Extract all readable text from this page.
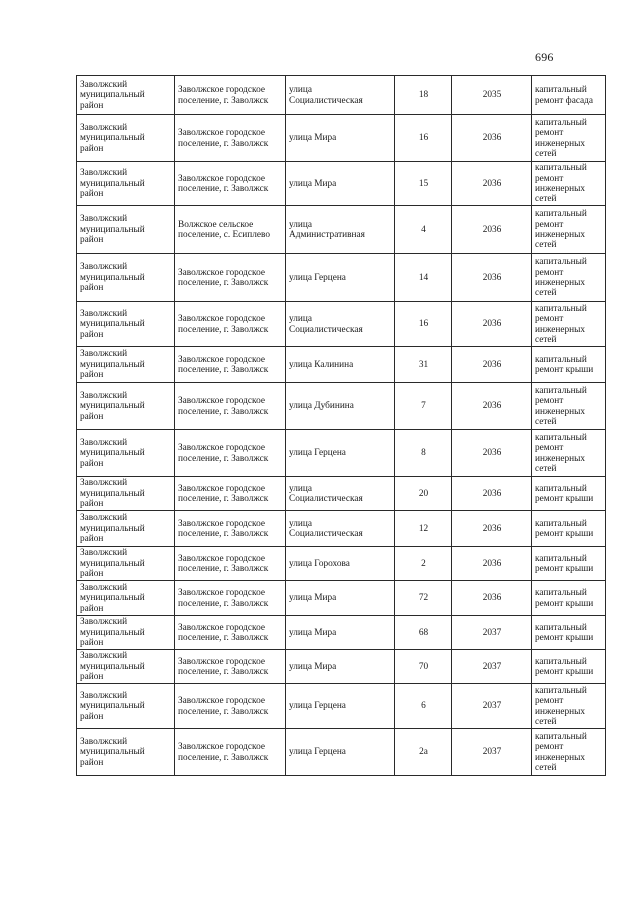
696
Заволжский
муниципальный
район	Заволжское городское
поселение, г. Заволжск	улица
Социалистическая	18	2035	капитальный
ремонт фасада

Заволжский
муниципальный
район	Заволжское городское
поселение, г. Заволжск	улица Мира	16	2036	капитальный
ремонт
инженерных
сетей

Заволжский
муниципальный
район	Заволжское городское
поселение, г. Заволжск	улица Мира	15	2036	капитальный
ремонт
инженерных
сетей

Заволжский
муниципальный
район	Волжское сельское
поселение, с. Есиплево	улица
Административная	4	2036	капитальный
ремонт
инженерных
сетей

Заволжский
муниципальный
район	Заволжское городское
поселение, г. Заволжск	улица Герцена	14	2036	капитальный
ремонт
инженерных
сетей

Заволжский
муниципальный
район	Заволжское городское
поселение, г. Заволжск	улица
Социалистическая	16	2036	капитальный
ремонт
инженерных
сетей

Заволжский
муниципальный
район	Заволжское городское
поселение, г. Заволжск	улица Калинина	31	2036	капитальный
ремонт крыши

Заволжский
муниципальный
район	Заволжское городское
поселение, г. Заволжск	улица Дубинина	7	2036	капитальный
ремонт
инженерных
сетей

Заволжский
муниципальный
район	Заволжское городское
поселение, г. Заволжск	улица Герцена	8	2036	капитальный
ремонт
инженерных
сетей

Заволжский
муниципальный
район	Заволжское городское
поселение, г. Заволжск	улица
Социалистическая	20	2036	капитальный
ремонт крыши

Заволжский
муниципальный
район	Заволжское городское
поселение, г. Заволжск	улица
Социалистическая	12	2036	капитальный
ремонт крыши

Заволжский
муниципальный
район	Заволжское городское
поселение, г. Заволжск	улица Горохова	2	2036	капитальный
ремонт крыши

Заволжский
муниципальный
район	Заволжское городское
поселение, г. Заволжск	улица Мира	72	2036	капитальный
ремонт крыши

Заволжский
муниципальный
район	Заволжское городское
поселение, г. Заволжск	улица Мира	68	2037	капитальный
ремонт крыши

Заволжский
муниципальный
район	Заволжское городское
поселение, г. Заволжск	улица Мира	70	2037	капитальный
ремонт крыши

Заволжский
муниципальный
район	Заволжское городское
поселение, г. Заволжск	улица Герцена	6	2037	капитальный
ремонт
инженерных
сетей

Заволжский
муниципальный
район	Заволжское городское
поселение, г. Заволжск	улица Герцена	2а	2037	капитальный
ремонт
инженерных
сетей
